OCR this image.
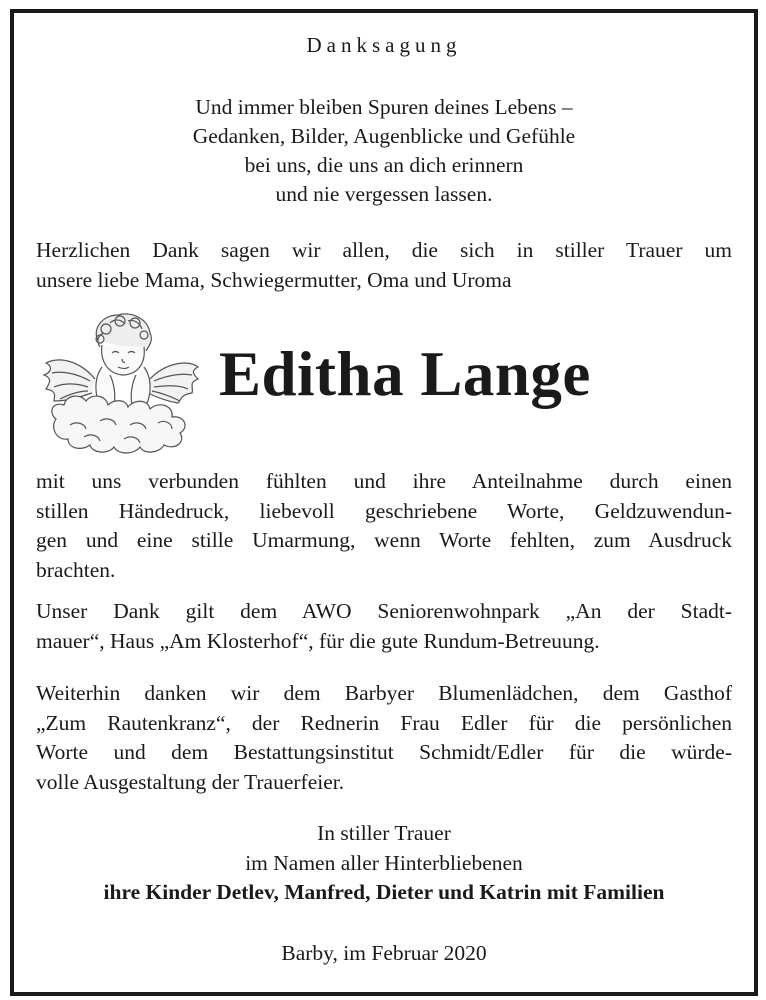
Danksagung
Und immer bleiben Spuren deines Lebens –
Gedanken, Bilder, Augenblicke und Gefühle
bei uns, die uns an dich erinnern
und nie vergessen lassen.
Herzlichen Dank sagen wir allen, die sich in stiller Trauer um
unsere liebe Mama, Schwiegermutter, Oma und Uroma
Editha Lange
mit uns verbunden fühlten und ihre Anteilnahme durch einen
stillen Händedruck, liebevoll geschriebene Worte, Geldzuwendun-
gen und eine stille Umarmung, wenn Worte fehlten, zum Ausdruck
brachten.
Unser Dank gilt dem AWO Seniorenwohnpark „An der Stadt-
mauer“, Haus „Am Klosterhof“, für die gute Rundum-Betreuung.
Weiterhin danken wir dem Barbyer Blumenlädchen, dem Gasthof
„Zum Rautenkranz“, der Rednerin Frau Edler für die persönlichen
Worte und dem Bestattungsinstitut Schmidt/Edler für die würde-
volle Ausgestaltung der Trauerfeier.
In stiller Trauer
im Namen aller Hinterbliebenen
ihre Kinder Detlev, Manfred, Dieter und Katrin mit Familien
Barby, im Februar 2020
